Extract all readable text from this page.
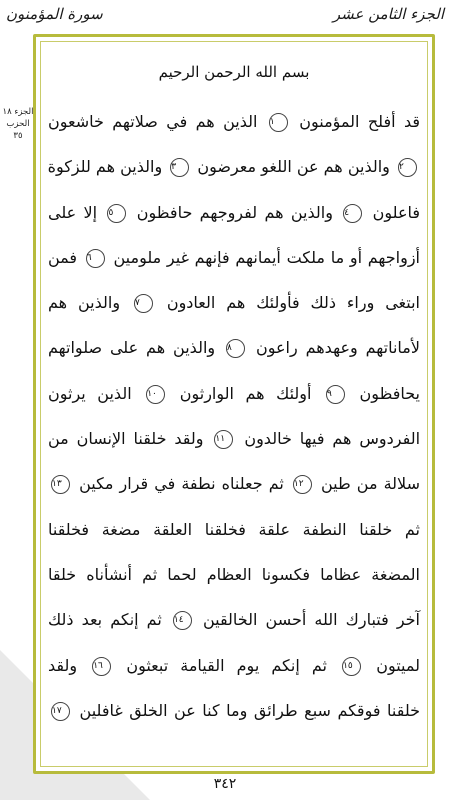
الجزء الثامن عشر
سورة المؤمنون
الجزء ١٨ الحزب ٣٥
بسم الله الرحمن الرحيم
قد أفلح المؤمنون ١ الذين هم في صلاتهم خاشعون
٢ والذين هم عن اللغو معرضون ٣ والذين هم للزكوة
فاعلون ٤ والذين هم لفروجهم حافظون ٥ إلا على
أزواجهم أو ما ملكت أيمانهم فإنهم غير ملومين ٦ فمن
ابتغى وراء ذلك فأولئك هم العادون ٧ والذين هم
لأماناتهم وعهدهم راعون ٨ والذين هم على صلواتهم
يحافظون ٩ أولئك هم الوارثون ١٠ الذين يرثون
الفردوس هم فيها خالدون ١١ ولقد خلقنا الإنسان من
سلالة من طين ١٢ ثم جعلناه نطفة في قرار مكين ١٣
ثم خلقنا النطفة علقة فخلقنا العلقة مضغة فخلقنا
المضغة عظاما فكسونا العظام لحما ثم أنشأناه خلقا
آخر فتبارك الله أحسن الخالقين ١٤ ثم إنكم بعد ذلك
لميتون ١٥ ثم إنكم يوم القيامة تبعثون ١٦ ولقد
خلقنا فوقكم سبع طرائق وما كنا عن الخلق غافلين ١٧
٣٤٢
